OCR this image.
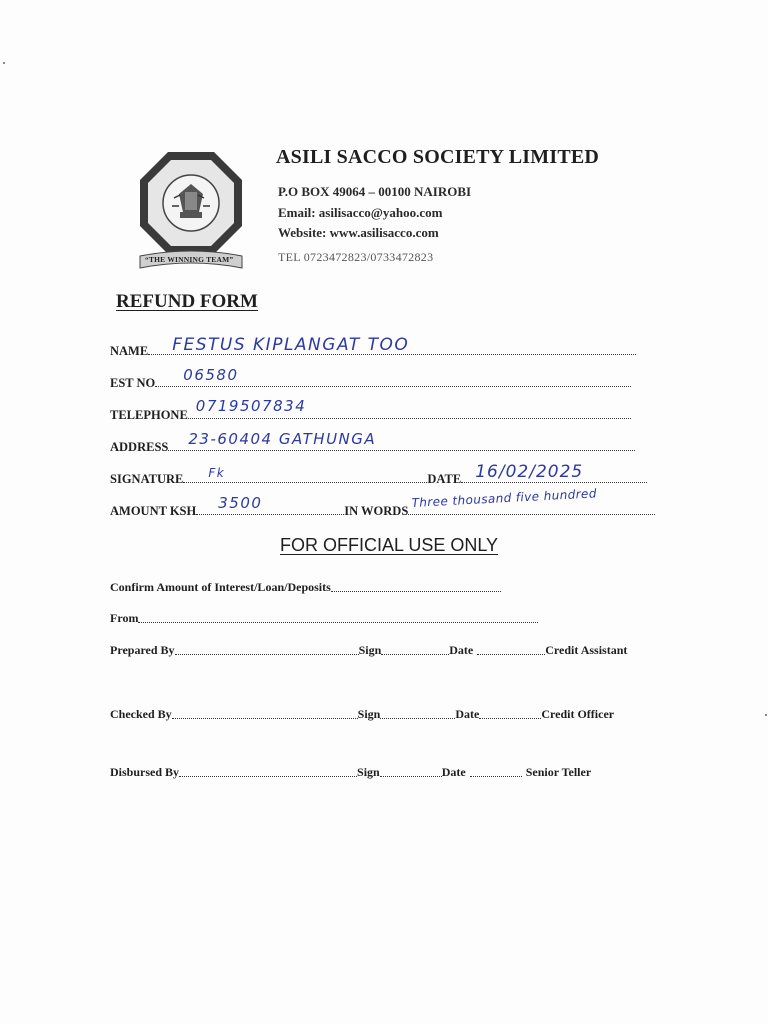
“THE WINNING TEAM”
ASILI SACCO SOCIETY LIMITED
P.O BOX 49064 – 00100 NAIROBI
Email: asilisacco@yahoo.com
Website: www.asilisacco.com
TEL 0723472823/0733472823
REFUND FORM
NAME FESTUS KIPLANGAT TOO
EST NO 06580
TELEPHONE 0719507834
ADDRESS 23-60404 GATHUNGA
SIGNATURE Fk	DATE 16/02/2025
AMOUNT KSH 3500	IN WORDS
Three thousand five hundred
FOR OFFICIAL USE ONLY
Confirm Amount of Interest/Loan/Deposits
From
Prepared By	Sign	Date	Credit Assistant
Checked By	Sign	Date	Credit Officer
Disbursed By	Sign	Date	Senior Teller
